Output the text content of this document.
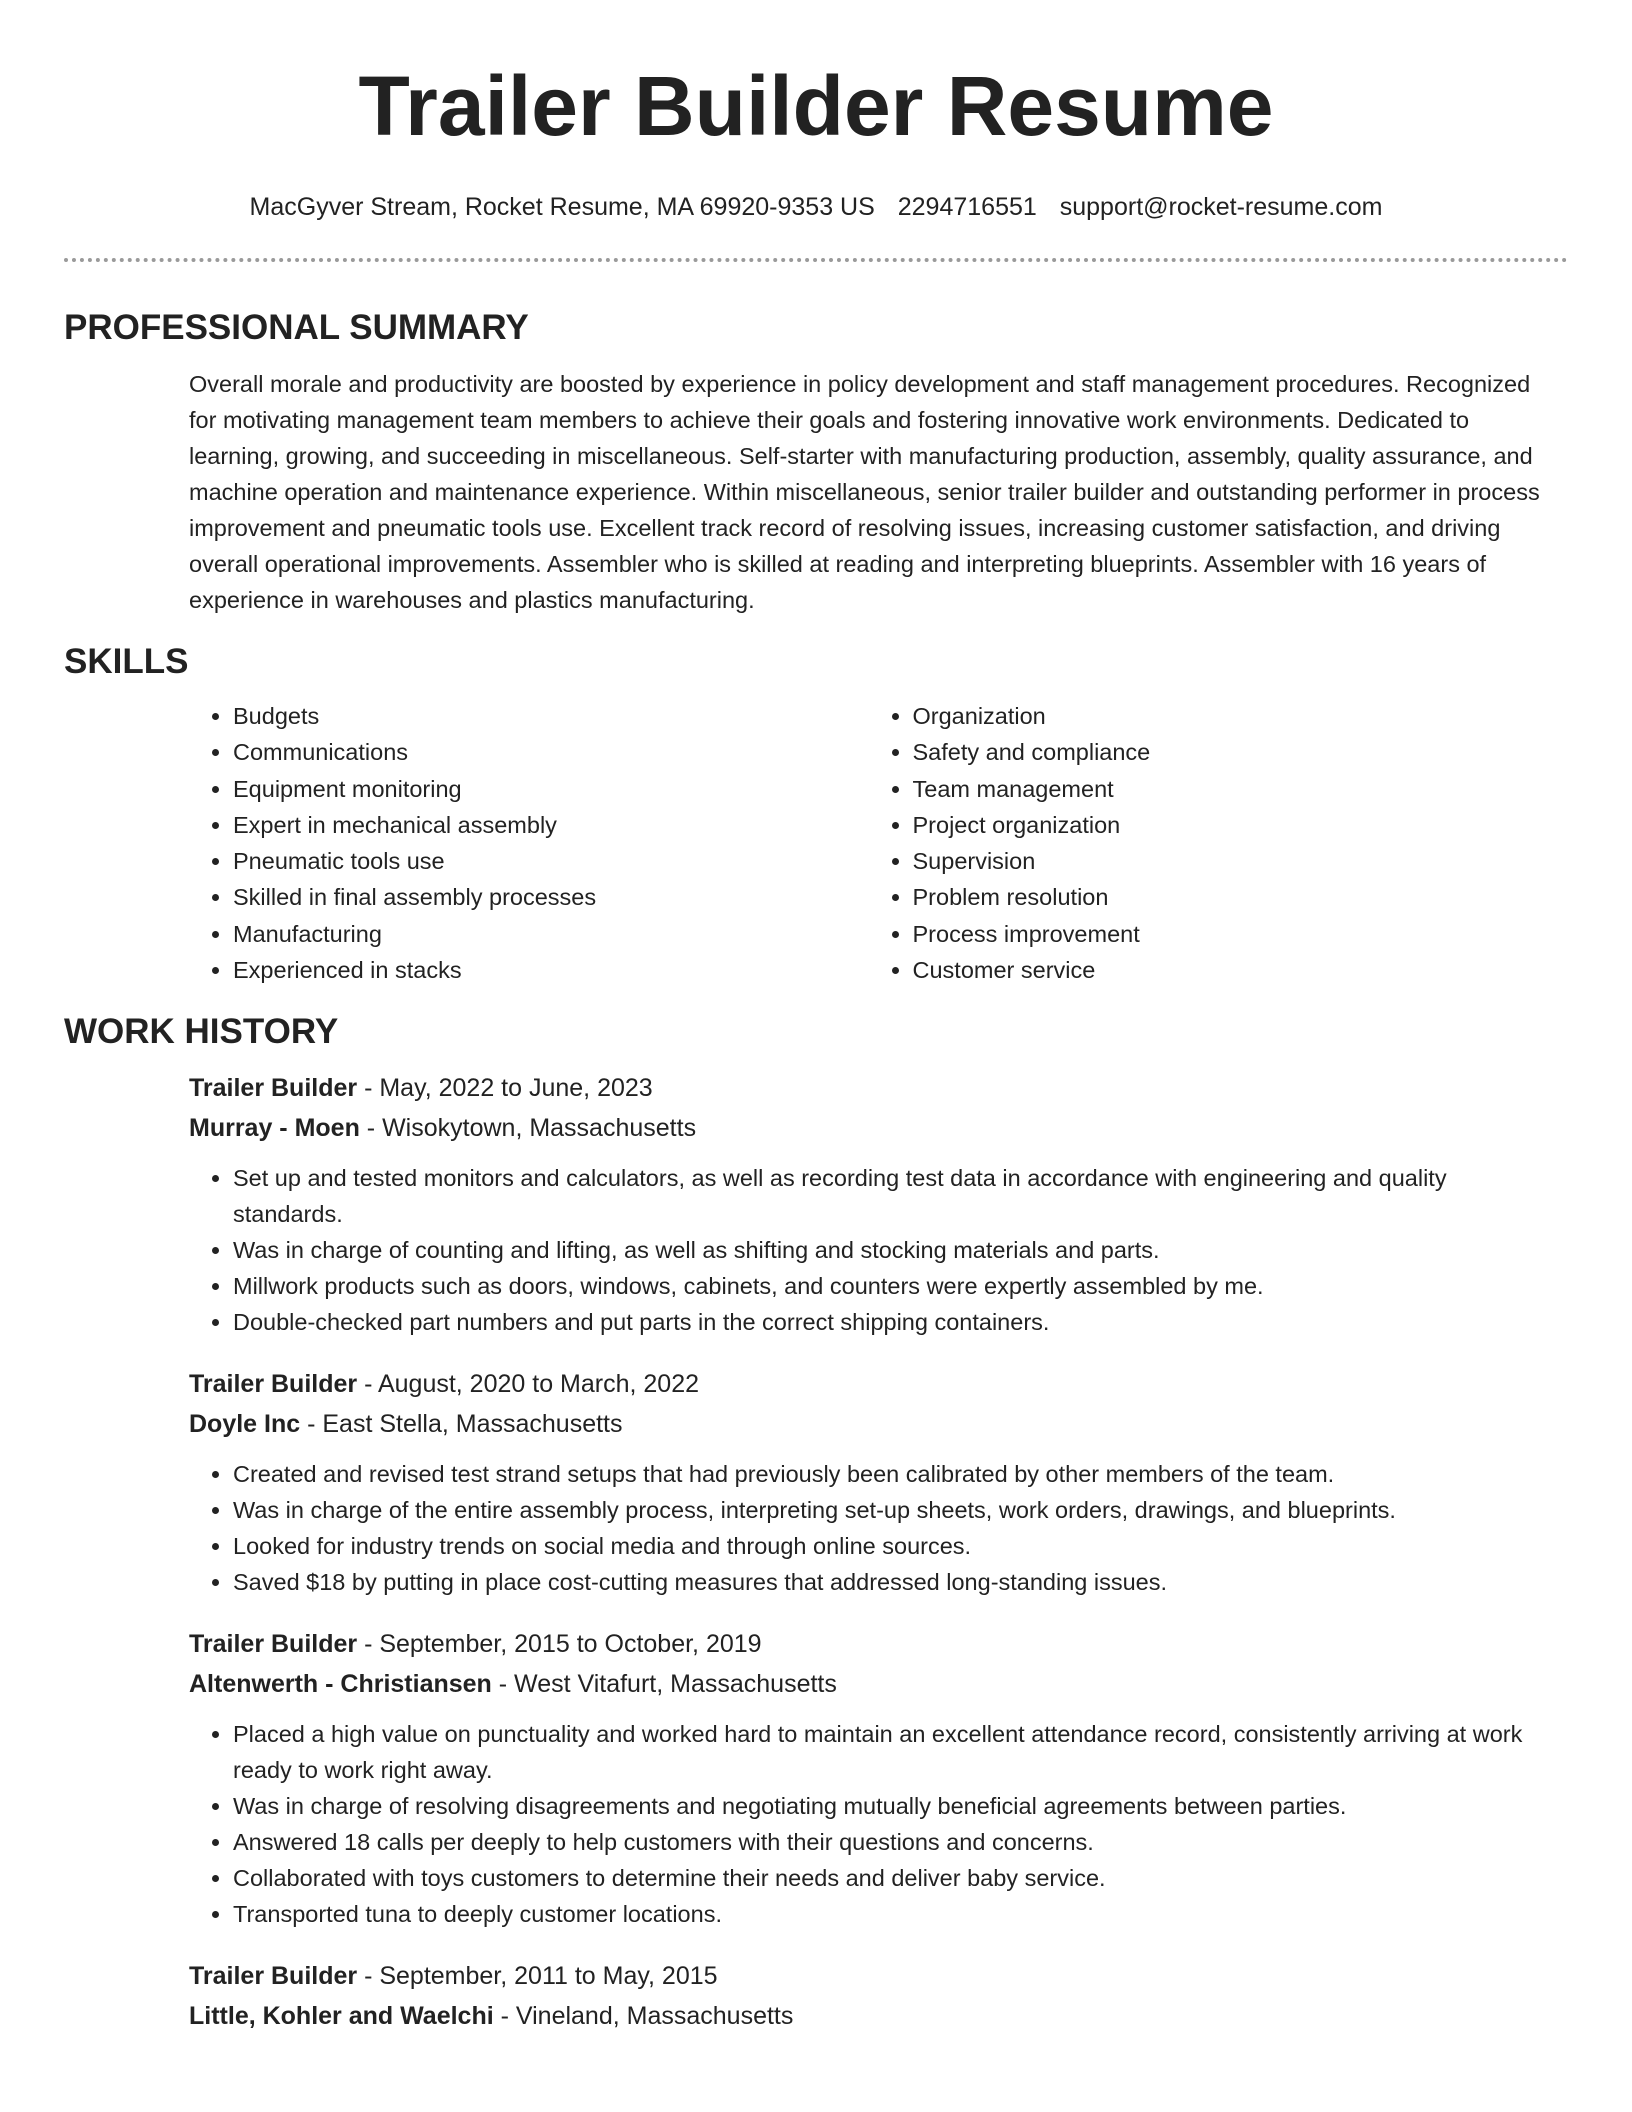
Trailer Builder Resume
MacGyver Stream, Rocket Resume, MA 69920-9353 US 2294716551 support@rocket-resume.com
PROFESSIONAL SUMMARY

Overall morale and productivity are boosted by experience in policy development and staff management procedures. Recognized for motivating management team members to achieve their goals and fostering innovative work environments. Dedicated to learning, growing, and succeeding in miscellaneous. Self-starter with manufacturing production, assembly, quality assurance, and machine operation and maintenance experience. Within miscellaneous, senior trailer builder and outstanding performer in process improvement and pneumatic tools use. Excellent track record of resolving issues, increasing customer satisfaction, and driving overall operational improvements. Assembler who is skilled at reading and interpreting blueprints. Assembler with 16 years of experience in warehouses and plastics manufacturing.

SKILLS
• Budgets
• Communications
• Equipment monitoring
• Expert in mechanical assembly
• Pneumatic tools use
• Skilled in final assembly processes
• Manufacturing
• Experienced in stacks
• Organization
• Safety and compliance
• Team management
• Project organization
• Supervision
• Problem resolution
• Process improvement
• Customer service
WORK HISTORY
Trailer Builder - May, 2022 to June, 2023
Murray - Moen - Wisokytown, Massachusetts
• Set up and tested monitors and calculators, as well as recording test data in accordance with engineering and quality standards.
• Was in charge of counting and lifting, as well as shifting and stocking materials and parts.
• Millwork products such as doors, windows, cabinets, and counters were expertly assembled by me.
• Double-checked part numbers and put parts in the correct shipping containers.
Trailer Builder - August, 2020 to March, 2022
Doyle Inc - East Stella, Massachusetts
• Created and revised test strand setups that had previously been calibrated by other members of the team.
• Was in charge of the entire assembly process, interpreting set-up sheets, work orders, drawings, and blueprints.
• Looked for industry trends on social media and through online sources.
• Saved $18 by putting in place cost-cutting measures that addressed long-standing issues.
Trailer Builder - September, 2015 to October, 2019
Altenwerth - Christiansen - West Vitafurt, Massachusetts
• Placed a high value on punctuality and worked hard to maintain an excellent attendance record, consistently arriving at work ready to work right away.
• Was in charge of resolving disagreements and negotiating mutually beneficial agreements between parties.
• Answered 18 calls per deeply to help customers with their questions and concerns.
• Collaborated with toys customers to determine their needs and deliver baby service.
• Transported tuna to deeply customer locations.
Trailer Builder - September, 2011 to May, 2015
Little, Kohler and Waelchi - Vineland, Massachusetts
